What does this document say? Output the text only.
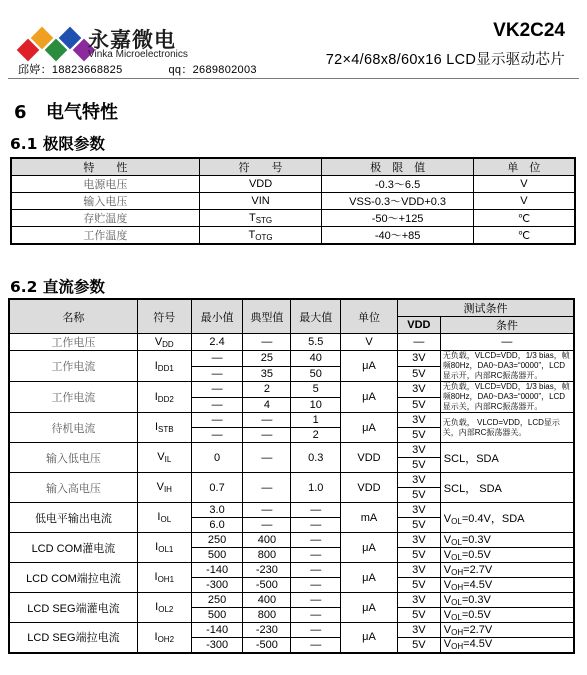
永嘉微电
Vinka Microelectronics
邱婷：18823668825	qq：2689802003
VK2C24
72×4/68x8/60x16 LCD显示驱动芯片
6 电气特性
6.1 极限参数
特　　性	符　　号	极　限　值	单　位
电源电压	VDD	-0.3～6.5	V
输入电压	VIN	VSS-0.3～VDD+0.3	V
存贮温度	$T_{STG}$	-50～+125	℃
工作温度	$T_{OTG}$	-40～+85	℃
6.2 直流参数
名称	符号	最小值	典型值	最大值	单位	测试条件	
						VDD	条件
工作电压	$V_{DD}$	2.4	—	5.5	V	—	—
工作电流	$I_{DD1}$	—	25	40	μA	3V	无负载，VLCD=VDD，1/3 bias，帧频80Hz，DA0~DA3=“0000”，LCD 显示开，内部RC振荡器开。
		—	35	50		5V	
工作电流	$I_{DD2}$	—	2	5	μA	3V	无负载，VLCD=VDD，1/3 bias，帧频80Hz，DA0~DA3=“0000”，LCD 显示关，内部RC振荡器开。
		—	4	10		5V	
待机电流	$I_{STB}$	—	—	1	μA	3V	无负载， VLCD=VDD，LCD显示关，内部RC振荡器关。
		—	—	2		5V	
输入低电压	$V_{IL}$	0	—	0.3	VDD	3V	SCL，SDA
						5V	
输入高电压	$V_{IH}$	0.7	—	1.0	VDD	3V	SCL， SDA
						5V	
低电平输出电流	$I_{OL}$	3.0	—	—	mA	3V	$V_{OL}=0.4V$，SDA
		6.0	—	—		5V	
LCD COM灌电流	$I_{OL1}$	250	400	—	μA	3V	$V_{OL}=0.3V$
		500	800	—		5V	$V_{OL}=0.5V$
LCD COM端拉电流	$I_{OH1}$	-140	-230	—	μA	3V	$V_{OH}=2.7V$
		-300	-500	—		5V	$V_{OH}=4.5V$
LCD SEG端灌电流	$I_{OL2}$	250	400	—	μA	3V	$V_{OL}=0.3V$
		500	800	—		5V	$V_{OL}=0.5V$
LCD SEG端拉电流	$I_{OH2}$	-140	-230	—	μA	3V	$V_{OH}=2.7V$
		-300	-500	—		5V	$V_{OH}=4.5V$
